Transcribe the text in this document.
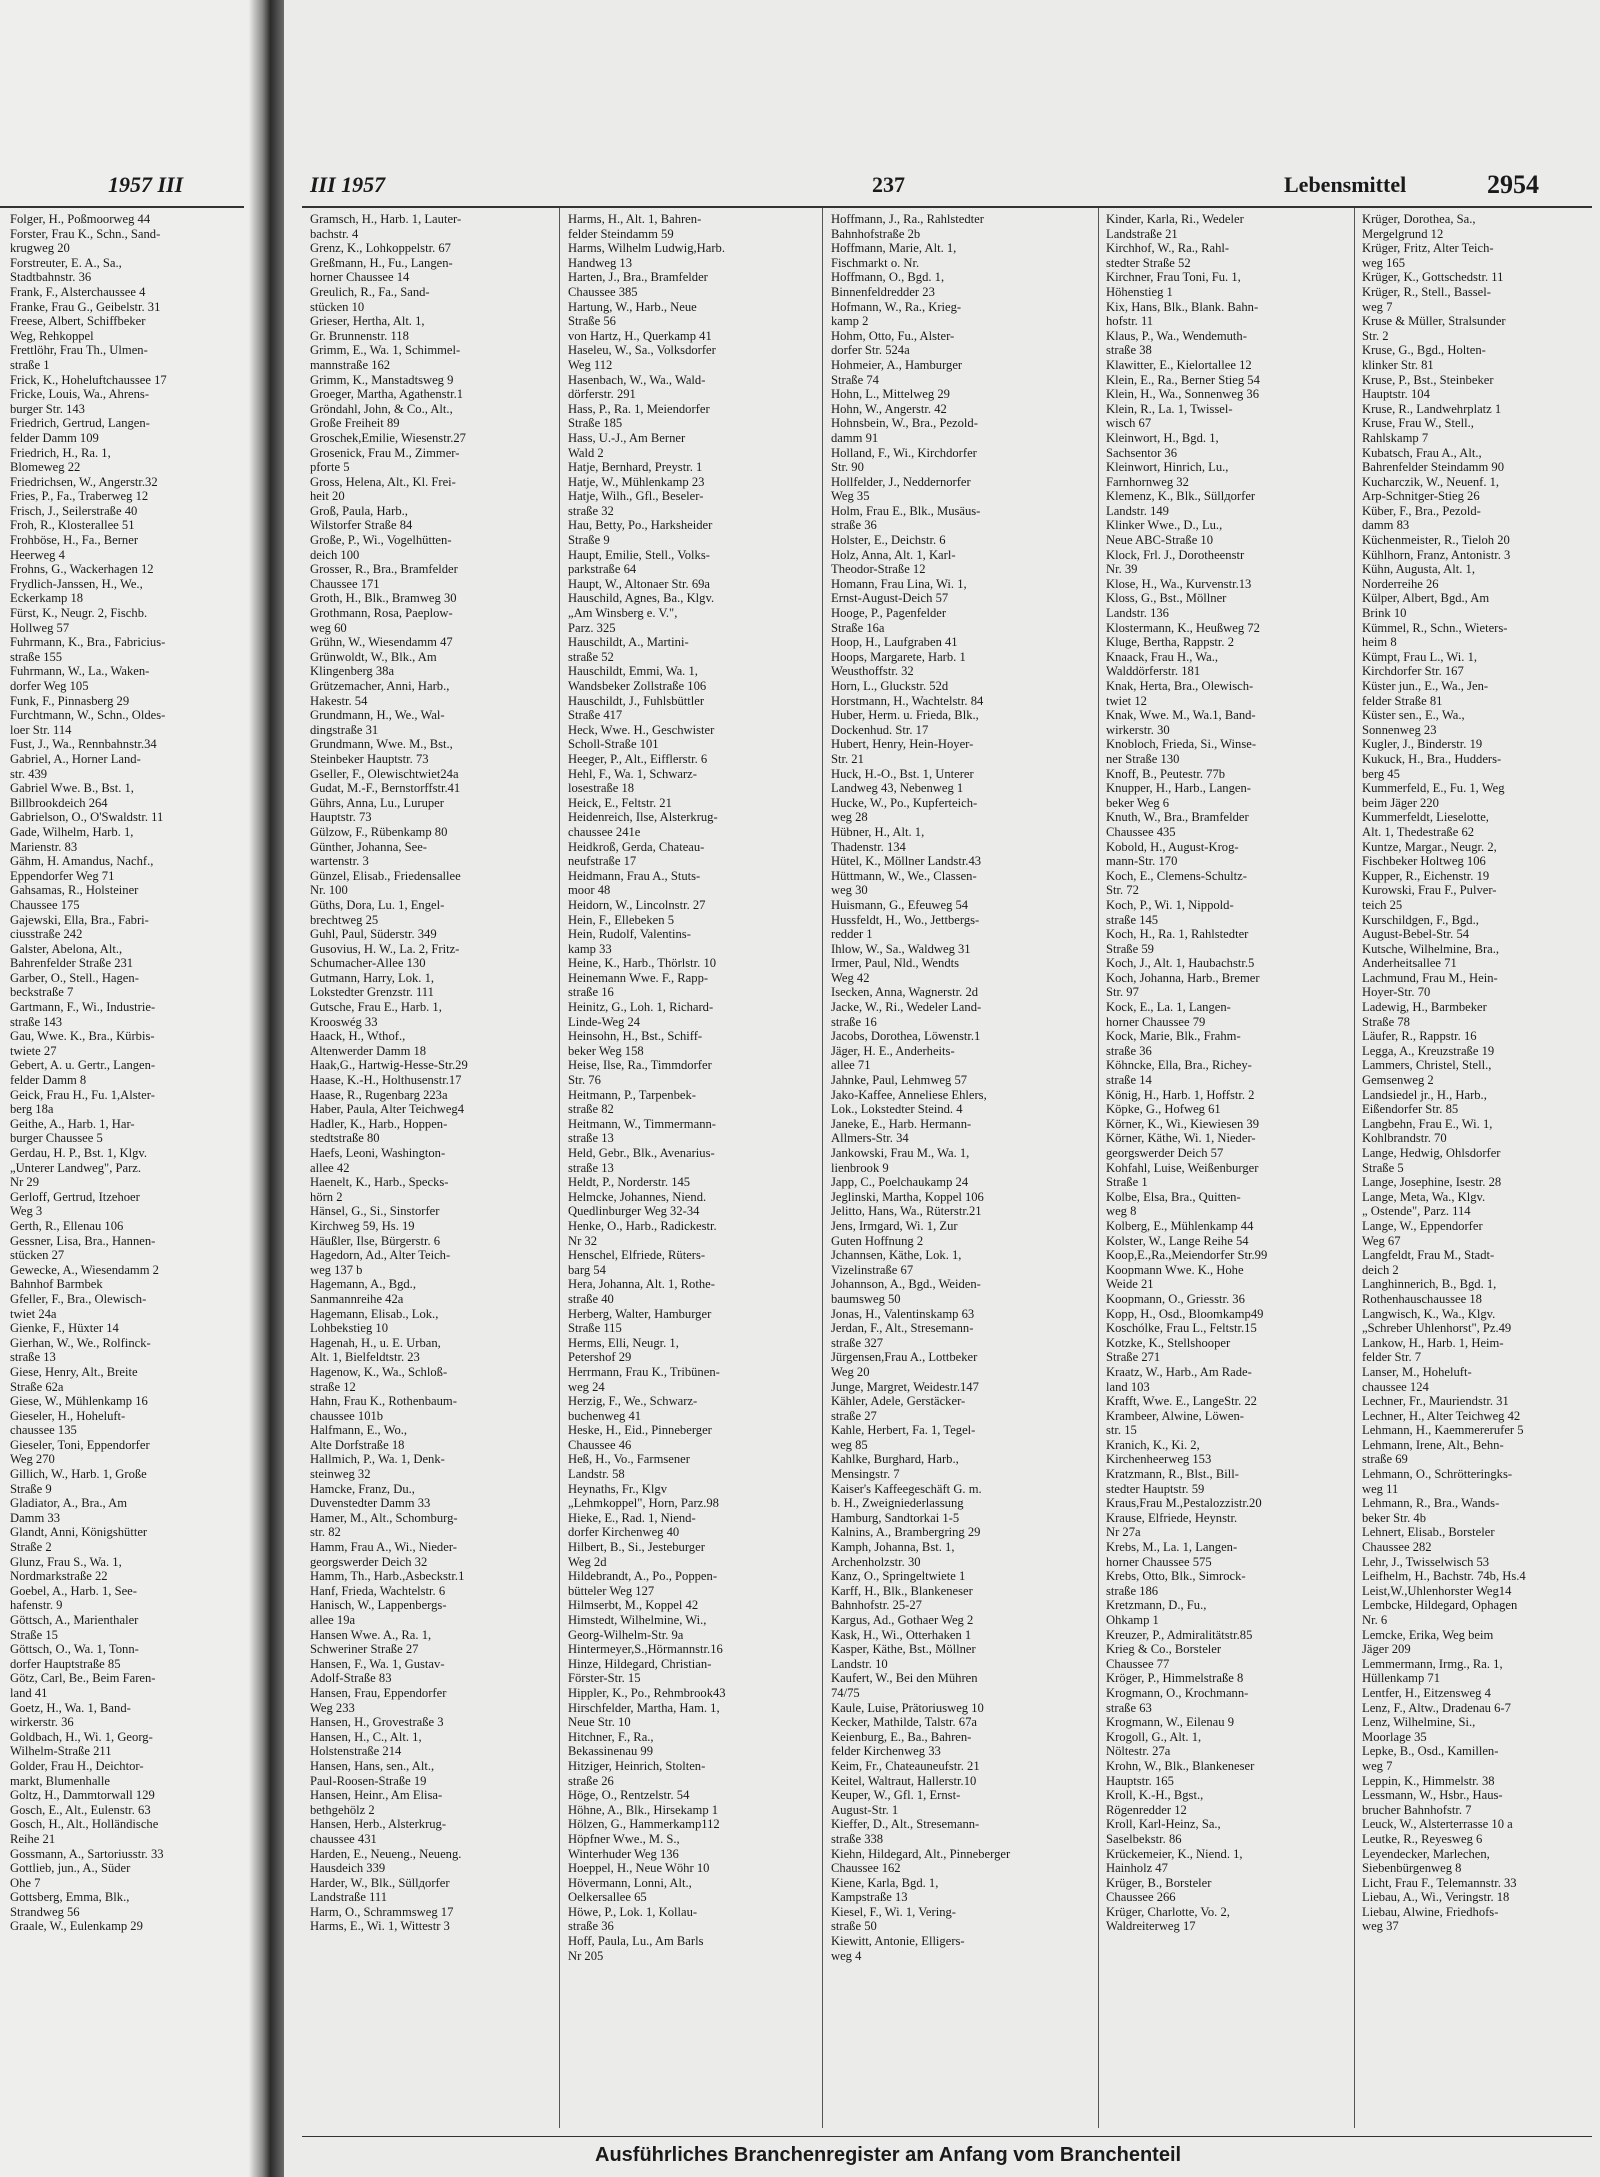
1957 III
Folger, H., Poßmoorweg 44
Forster, Frau K., Schn., Sand-
krugweg 20
Forstreuter, E. A., Sa.,
Stadtbahnstr. 36
Frank, F., Alsterchaussee 4
Franke, Frau G., Geibelstr. 31
Freese, Albert, Schiffbeker
Weg, Rehkoppel
Frettlöhr, Frau Th., Ulmen-
straße 1
Frick, K., Hoheluftchaussee 17
Fricke, Louis, Wa., Ahrens-
burger Str. 143
Friedrich, Gertrud, Langen-
felder Damm 109
Friedrich, H., Ra. 1,
Blomeweg 22
Friedrichsen, W., Angerstr.32
Fries, P., Fa., Traberweg 12
Frisch, J., Seilerstraße 40
Froh, R., Klosterallee 51
Frohböse, H., Fa., Berner
Heerweg 4
Frohns, G., Wackerhagen 12
Frydlich-Janssen, H., We.,
Eckerkamp 18
Fürst, K., Neugr. 2, Fischb.
Hollweg 57
Fuhrmann, K., Bra., Fabricius-
straße 155
Fuhrmann, W., La., Waken-
dorfer Weg 105
Funk, F., Pinnasberg 29
Furchtmann, W., Schn., Oldes-
loer Str. 114
Fust, J., Wa., Rennbahnstr.34
Gabriel, A., Horner Land-
str. 439
Gabriel Wwe. B., Bst. 1,
Billbrookdeich 264
Gabrielson, O., O'Swaldstr. 11
Gade, Wilhelm, Harb. 1,
Marienstr. 83
Gähm, H. Amandus, Nachf.,
Eppendorfer Weg 71
Gahsamas, R., Holsteiner
Chaussee 175
Gajewski, Ella, Bra., Fabri-
ciusstraße 242
Galster, Abelona, Alt.,
Bahrenfelder Straße 231
Garber, O., Stell., Hagen-
beckstraße 7
Gartmann, F., Wi., Industrie-
straße 143
Gau, Wwe. K., Bra., Kürbis-
twiete 27
Gebert, A. u. Gertr., Langen-
felder Damm 8
Geick, Frau H., Fu. 1,Alster-
berg 18a
Geithe, A., Harb. 1, Har-
burger Chaussee 5
Gerdau, H. P., Bst. 1, Klgv.
„Unterer Landweg", Parz.
Nr 29
Gerloff, Gertrud, Itzehoer
Weg 3
Gerth, R., Ellenau 106
Gessner, Lisa, Bra., Hannen-
stücken 27
Gewecke, A., Wiesendamm 2
Bahnhof Barmbek
Gfeller, F., Bra., Olewisch-
twiet 24a
Gienke, F., Hüxter 14
Gierhan, W., We., Rolfinck-
straße 13
Giese, Henry, Alt., Breite
Straße 62a
Giese, W., Mühlenkamp 16
Gieseler, H., Hoheluft-
chaussee 135
Gieseler, Toni, Eppendorfer
Weg 270
Gillich, W., Harb. 1, Große
Straße 9
Gladiator, A., Bra., Am
Damm 33
Glandt, Anni, Königshütter
Straße 2
Glunz, Frau S., Wa. 1,
Nordmarkstraße 22
Goebel, A., Harb. 1, See-
hafenstr. 9
Göttsch, A., Marienthaler
Straße 15
Göttsch, O., Wa. 1, Tonn-
dorfer Hauptstraße 85
Götz, Carl, Be., Beim Faren-
land 41
Goetz, H., Wa. 1, Band-
wirkerstr. 36
Goldbach, H., Wi. 1, Georg-
Wilhelm-Straße 211
Golder, Frau H., Deichtor-
markt, Blumenhalle
Goltz, H., Dammtorwall 129
Gosch, E., Alt., Eulenstr. 63
Gosch, H., Alt., Holländische
Reihe 21
Gossmann, A., Sartoriusstr. 33
Gottlieb, jun., A., Süder
Ohe 7
Gottsberg, Emma, Blk.,
Strandweg 56
Graale, W., Eulenkamp 29
III 1957	237	Lebensmittel	2954
Gramsch, H., Harb. 1, Lauter-
bachstr. 4
Grenz, K., Lohkoppelstr. 67
Greßmann, H., Fu., Langen-
horner Chaussee 14
Greulich, R., Fa., Sand-
stücken 10
Grieser, Hertha, Alt. 1,
Gr. Brunnenstr. 118
Grimm, E., Wa. 1, Schimmel-
mannstraße 162
Grimm, K., Manstadtsweg 9
Groeger, Martha, Agathenstr.1
Gröndahl, John, & Co., Alt.,
Große Freiheit 89
Groschek,Emilie, Wiesenstr.27
Grosenick, Frau M., Zimmer-
pforte 5
Gross, Helena, Alt., Kl. Frei-
heit 20
Groß, Paula, Harb.,
Wilstorfer Straße 84
Große, P., Wi., Vogelhütten-
deich 100
Grosser, R., Bra., Bramfelder
Chaussee 171
Groth, H., Blk., Bramweg 30
Grothmann, Rosa, Paeplow-
weg 60
Grühn, W., Wiesendamm 47
Grünwoldt, W., Blk., Am
Klingenberg 38a
Grützemacher, Anni, Harb.,
Hakestr. 54
Grundmann, H., We., Wal-
dingstraße 31
Grundmann, Wwe. M., Bst.,
Steinbeker Hauptstr. 73
Gseller, F., Olewischtwiet24a
Gudat, M.-F., Bernstorffstr.41
Gührs, Anna, Lu., Luruper
Hauptstr. 73
Gülzow, F., Rübenkamp 80
Günther, Johanna, See-
wartenstr. 3
Günzel, Elisab., Friedensallee
Nr. 100
Güths, Dora, Lu. 1, Engel-
brechtweg 25
Guhl, Paul, Süderstr. 349
Gusovius, H. W., La. 2, Fritz-
Schumacher-Allee 130
Gutmann, Harry, Lok. 1,
Lokstedter Grenzstr. 111
Gutsche, Frau E., Harb. 1,
Krooswég 33
Haack, H., Wthof.,
Altenwerder Damm 18
Haak,G., Hartwig-Hesse-Str.29
Haase, K.-H., Holthusenstr.17
Haase, R., Rugenbarg 223a
Haber, Paula, Alter Teichweg4
Hadler, K., Harb., Hoppen-
stedtstraße 80
Haefs, Leoni, Washington-
allee 42
Haenelt, K., Harb., Specks-
hörn 2
Hänsel, G., Si., Sinstorfer
Kirchweg 59, Hs. 19
Häußler, Ilse, Bürgerstr. 6
Hagedorn, Ad., Alter Teich-
weg 137 b
Hagemann, A., Bgd.,
Sanmannreihe 42a
Hagemann, Elisab., Lok.,
Lohbekstieg 10
Hagenah, H., u. E. Urban,
Alt. 1, Bielfeldtstr. 23
Hagenow, K., Wa., Schloß-
straße 12
Hahn, Frau K., Rothenbaum-
chaussee 101b
Halfmann, E., Wo.,
Alte Dorfstraße 18
Hallmich, P., Wa. 1, Denk-
steinweg 32
Hamcke, Franz, Du.,
Duvenstedter Damm 33
Hamer, M., Alt., Schomburg-
str. 82
Hamm, Frau A., Wi., Nieder-
georgswerder Deich 32
Hamm, Th., Harb.,Asbeckstr.1
Hanf, Frieda, Wachtelstr. 6
Hanisch, W., Lappenbergs-
allee 19a
Hansen Wwe. A., Ra. 1,
Schweriner Straße 27
Hansen, F., Wa. 1, Gustav-
Adolf-Straße 83
Hansen, Frau, Eppendorfer
Weg 233
Hansen, H., Grovestraße 3
Hansen, H., C., Alt. 1,
Holstenstraße 214
Hansen, Hans, sen., Alt.,
Paul-Roosen-Straße 19
Hansen, Heinr., Am Elisa-
bethgehölz 2
Hansen, Herb., Alsterkrug-
chaussee 431
Harden, E., Neueng., Neueng.
Hausdeich 339
Harder, W., Blk., Süllдorfer
Landstraße 111
Harm, O., Schrammsweg 17
Harms, E., Wi. 1, Wittestr 3
Harms, H., Alt. 1, Bahren-
felder Steindamm 59
Harms, Wilhelm Ludwig,Harb.
Handweg 13
Harten, J., Bra., Bramfelder
Chaussee 385
Hartung, W., Harb., Neue
Straße 56
von Hartz, H., Querkamp 41
Haseleu, W., Sa., Volksdorfer
Weg 112
Hasenbach, W., Wa., Wald-
dörferstr. 291
Hass, P., Ra. 1, Meiendorfer
Straße 185
Hass, U.-J., Am Berner
Wald 2
Hatje, Bernhard, Preystr. 1
Hatje, W., Mühlenkamp 23
Hatje, Wilh., Gfl., Beseler-
straße 32
Hau, Betty, Po., Harksheider
Straße 9
Haupt, Emilie, Stell., Volks-
parkstraße 64
Haupt, W., Altonaer Str. 69a
Hauschild, Agnes, Ba., Klgv.
„Am Winsberg e. V.",
Parz. 325
Hauschildt, A., Martini-
straße 52
Hauschildt, Emmi, Wa. 1,
Wandsbeker Zollstraße 106
Hauschildt, J., Fuhlsbüttler
Straße 417
Heck, Wwe. H., Geschwister
Scholl-Straße 101
Heeger, P., Alt., Eifflerstr. 6
Hehl, F., Wa. 1, Schwarz-
losestraße 18
Heick, E., Feltstr. 21
Heidenreich, Ilse, Alsterkrug-
chaussee 241e
Heidkroß, Gerda, Chateau-
neufstraße 17
Heidmann, Frau A., Stuts-
moor 48
Heidorn, W., Lincolnstr. 27
Hein, F., Ellebeken 5
Hein, Rudolf, Valentins-
kamp 33
Heine, K., Harb., Thörlstr. 10
Heinemann Wwe. F., Rapp-
straße 16
Heinitz, G., Loh. 1, Richard-
Linde-Weg 24
Heinsohn, H., Bst., Schiff-
beker Weg 158
Heise, Ilse, Ra., Timmdorfer
Str. 76
Heitmann, P., Tarpenbek-
straße 82
Heitmann, W., Timmermann-
straße 13
Held, Gebr., Blk., Avenarius-
straße 13
Heldt, P., Norderstr. 145
Helmcke, Johannes, Niend.
Quedlinburger Weg 32-34
Henke, O., Harb., Radickestr.
Nr 32
Henschel, Elfriede, Rüters-
barg 54
Hera, Johanna, Alt. 1, Rothe-
straße 40
Herberg, Walter, Hamburger
Straße 115
Herms, Elli, Neugr. 1,
Petershof 29
Herrmann, Frau K., Tribünen-
weg 24
Herzig, F., We., Schwarz-
buchenweg 41
Heske, H., Eid., Pinneberger
Chaussee 46
Heß, H., Vo., Farmsener
Landstr. 58
Heynaths, Fr., Klgv
„Lehmkoppel", Horn, Parz.98
Hieke, E., Rad. 1, Niend-
dorfer Kirchenweg 40
Hilbert, B., Si., Jesteburger
Weg 2d
Hildebrandt, A., Po., Poppen-
bütteler Weg 127
Hilmserbt, M., Koppel 42
Himstedt, Wilhelmine, Wi.,
Georg-Wilhelm-Str. 9a
Hintermeyer,S.,Hörmannstr.16
Hinze, Hildegard, Christian-
Förster-Str. 15
Hippler, K., Po., Rehmbrook43
Hirschfelder, Martha, Ham. 1,
Neue Str. 10
Hitchner, F., Ra.,
Bekassinenau 99
Hitziger, Heinrich, Stolten-
straße 26
Höge, O., Rentzelstr. 54
Höhne, A., Blk., Hirsekamp 1
Hölzen, G., Hammerkamp112
Höpfner Wwe., M. S.,
Winterhuder Weg 136
Hoeppel, H., Neue Wöhr 10
Hövermann, Lonni, Alt.,
Oelkersallee 65
Höwe, P., Lok. 1, Kollau-
straße 36
Hoff, Paula, Lu., Am Barls
Nr 205
Hoffmann, J., Ra., Rahlstedter
Bahnhofstraße 2b
Hoffmann, Marie, Alt. 1,
Fischmarkt o. Nr.
Hoffmann, O., Bgd. 1,
Binnenfeldredder 23
Hofmann, W., Ra., Krieg-
kamp 2
Hohm, Otto, Fu., Alster-
dorfer Str. 524a
Hohmeier, A., Hamburger
Straße 74
Hohn, L., Mittelweg 29
Hohn, W., Angerstr. 42
Hohnsbein, W., Bra., Pezold-
damm 91
Holland, F., Wi., Kirchdorfer
Str. 90
Hollfelder, J., Neddernorfer
Weg 35
Holm, Frau E., Blk., Musäus-
straße 36
Holster, E., Deichstr. 6
Holz, Anna, Alt. 1, Karl-
Theodor-Straße 12
Homann, Frau Lina, Wi. 1,
Ernst-August-Deich 57
Hooge, P., Pagenfelder
Straße 16a
Hoop, H., Laufgraben 41
Hoops, Margarete, Harb. 1
Weusthoffstr. 32
Horn, L., Gluckstr. 52d
Horstmann, H., Wachtelstr. 84
Huber, Herm. u. Frieda, Blk.,
Dockenhud. Str. 17
Hubert, Henry, Hein-Hoyer-
Str. 21
Huck, H.-O., Bst. 1, Unterer
Landweg 43, Nebenweg 1
Hucke, W., Po., Kupferteich-
weg 28
Hübner, H., Alt. 1,
Thadenstr. 134
Hütel, K., Möllner Landstr.43
Hüttmann, W., We., Classen-
weg 30
Huismann, G., Efeuweg 54
Hussfeldt, H., Wo., Jettbergs-
redder 1
Ihlow, W., Sa., Waldweg 31
Irmer, Paul, Nld., Wendts
Weg 42
Isecken, Anna, Wagnerstr. 2d
Jacke, W., Ri., Wedeler Land-
straße 16
Jacobs, Dorothea, Löwenstr.1
Jäger, H. E., Anderheits-
allee 71
Jahnke, Paul, Lehmweg 57
Jako-Kaffee, Anneliese Ehlers,
Lok., Lokstedter Steind. 4
Janeke, E., Harb. Hermann-
Allmers-Str. 34
Jankowski, Frau M., Wa. 1,
lienbrook 9
Japp, C., Poelchaukamp 24
Jeglinski, Martha, Koppel 106
Jelitto, Hans, Wa., Rüterstr.21
Jens, Irmgard, Wi. 1, Zur
Guten Hoffnung 2
Jchannsen, Käthe, Lok. 1,
Vizelinstraße 67
Johannson, A., Bgd., Weiden-
baumsweg 50
Jonas, H., Valentinskamp 63
Jerdan, F., Alt., Stresemann-
straße 327
Jürgensen,Frau A., Lottbeker
Weg 20
Junge, Margret, Weidestr.147
Kähler, Adele, Gerstäcker-
straße 27
Kahle, Herbert, Fa. 1, Tegel-
weg 85
Kahlke, Burghard, Harb.,
Mensingstr. 7
Kaiser's Kaffeegeschäft G. m.
b. H., Zweigniederlassung
Hamburg, Sandtorkai 1-5
Kalnins, A., Brambergring 29
Kamph, Johanna, Bst. 1,
Archenholzstr. 30
Kanz, O., Springeltwiete 1
Karff, H., Blk., Blankeneser
Bahnhofstr. 25-27
Kargus, Ad., Gothaer Weg 2
Kask, H., Wi., Otterhaken 1
Kasper, Käthe, Bst., Möllner
Landstr. 10
Kaufert, W., Bei den Mühren
74/75
Kaule, Luise, Prätoriusweg 10
Kecker, Mathilde, Talstr. 67a
Keienburg, E., Ba., Bahren-
felder Kirchenweg 33
Keim, Fr., Chateauneufstr. 21
Keitel, Waltraut, Hallerstr.10
Keuper, W., Gfl. 1, Ernst-
August-Str. 1
Kieffer, D., Alt., Stresemann-
straße 338
Kiehn, Hildegard, Alt., Pinneberger
Chaussee 162
Kiene, Karla, Bgd. 1,
Kampstraße 13
Kiesel, F., Wi. 1, Vering-
straße 50
Kiewitt, Antonie, Elligers-
weg 4
Kinder, Karla, Ri., Wedeler
Landstraße 21
Kirchhof, W., Ra., Rahl-
stedter Straße 52
Kirchner, Frau Toni, Fu. 1,
Höhenstieg 1
Kix, Hans, Blk., Blank. Bahn-
hofstr. 11
Klaus, P., Wa., Wendemuth-
straße 38
Klawitter, E., Kielortallee 12
Klein, E., Ra., Berner Stieg 54
Klein, H., Wa., Sonnenweg 36
Klein, R., La. 1, Twissel-
wisch 67
Kleinwort, H., Bgd. 1,
Sachsentor 36
Kleinwort, Hinrich, Lu.,
Farnhornweg 32
Klemenz, K., Blk., Süllдorfer
Landstr. 149
Klinker Wwe., D., Lu.,
Neue ABC-Straße 10
Klock, Frl. J., Dorotheenstr
Nr. 39
Klose, H., Wa., Kurvenstr.13
Kloss, G., Bst., Möllner
Landstr. 136
Klostermann, K., Heußweg 72
Kluge, Bertha, Rappstr. 2
Knaack, Frau H., Wa.,
Walddörferstr. 181
Knak, Herta, Bra., Olewisch-
twiet 12
Knak, Wwe. M., Wa.1, Band-
wirkerstr. 30
Knobloch, Frieda, Si., Winse-
ner Straße 130
Knoff, B., Peutestr. 77b
Knupper, H., Harb., Langen-
beker Weg 6
Knuth, W., Bra., Bramfelder
Chaussee 435
Kobold, H., August-Krog-
mann-Str. 170
Koch, E., Clemens-Schultz-
Str. 72
Koch, P., Wi. 1, Nippold-
straße 145
Koch, H., Ra. 1, Rahlstedter
Straße 59
Koch, J., Alt. 1, Haubachstr.5
Koch, Johanna, Harb., Bremer
Str. 97
Kock, E., La. 1, Langen-
horner Chaussee 79
Kock, Marie, Blk., Frahm-
straße 36
Köhncke, Ella, Bra., Richey-
straße 14
König, H., Harb. 1, Hoffstr. 2
Köpke, G., Hofweg 61
Körner, K., Wi., Kiewiesen 39
Körner, Käthe, Wi. 1, Nieder-
georgswerder Deich 57
Kohfahl, Luise, Weißenburger
Straße 1
Kolbe, Elsa, Bra., Quitten-
weg 8
Kolberg, E., Mühlenkamp 44
Kolster, W., Lange Reihe 54
Koop,E.,Ra.,Meiendorfer Str.99
Koopmann Wwe. K., Hohe
Weide 21
Koopmann, O., Griesstr. 36
Kopp, H., Osd., Bloomkamp49
Koschólke, Frau L., Feltstr.15
Kotzke, K., Stellshooper
Straße 271
Kraatz, W., Harb., Am Rade-
land 103
Krafft, Wwe. E., LangeStr. 22
Krambeer, Alwine, Löwen-
str. 15
Kranich, K., Ki. 2,
Kirchenheerweg 153
Kratzmann, R., Blst., Bill-
stedter Hauptstr. 59
Kraus,Frau M.,Pestalozzistr.20
Krause, Elfriede, Heynstr.
Nr 27a
Krebs, M., La. 1, Langen-
horner Chaussee 575
Krebs, Otto, Blk., Simrock-
straße 186
Kretzmann, D., Fu.,
Ohkamp 1
Kreuzer, P., Admiralitätstr.85
Krieg & Co., Borsteler
Chaussee 77
Kröger, P., Himmelstraße 8
Krogmann, O., Krochmann-
straße 63
Krogmann, W., Eilenau 9
Krogoll, G., Alt. 1,
Nöltestr. 27a
Krohn, W., Blk., Blankeneser
Hauptstr. 165
Kroll, K.-H., Bgst.,
Rögenredder 12
Kroll, Karl-Heinz, Sa.,
Saselbekstr. 86
Krückemeier, K., Niend. 1,
Hainholz 47
Krüger, B., Borsteler
Chaussee 266
Krüger, Charlotte, Vo. 2,
Waldreiterweg 17
Krüger, Dorothea, Sa.,
Mergelgrund 12
Krüger, Fritz, Alter Teich-
weg 165
Krüger, K., Gottschedstr. 11
Krüger, R., Stell., Bassel-
weg 7
Kruse & Müller, Stralsunder
Str. 2
Kruse, G., Bgd., Holten-
klinker Str. 81
Kruse, P., Bst., Steinbeker
Hauptstr. 104
Kruse, R., Landwehrplatz 1
Kruse, Frau W., Stell.,
Rahlskamp 7
Kubatsch, Frau A., Alt.,
Bahrenfelder Steindamm 90
Kucharczik, W., Neuenf. 1,
Arp-Schnitger-Stieg 26
Küber, F., Bra., Pezold-
damm 83
Küchenmeister, R., Tieloh 20
Kühlhorn, Franz, Antonistr. 3
Kühn, Augusta, Alt. 1,
Norderreihe 26
Külper, Albert, Bgd., Am
Brink 10
Kümmel, R., Schn., Wieters-
heim 8
Kümpt, Frau L., Wi. 1,
Kirchdorfer Str. 167
Küster jun., E., Wa., Jen-
felder Straße 81
Küster sen., E., Wa.,
Sonnenweg 23
Kugler, J., Binderstr. 19
Kukuck, H., Bra., Hudders-
berg 45
Kummerfeld, E., Fu. 1, Weg
beim Jäger 220
Kummerfeldt, Lieselotte,
Alt. 1, Thedestraße 62
Kuntze, Margar., Neugr. 2,
Fischbeker Holtweg 106
Kupper, R., Eichenstr. 19
Kurowski, Frau F., Pulver-
teich 25
Kurschildgen, F., Bgd.,
August-Bebel-Str. 54
Kutsche, Wilhelmine, Bra.,
Anderheitsallee 71
Lachmund, Frau M., Hein-
Hoyer-Str. 70
Ladewig, H., Barmbeker
Straße 78
Läufer, R., Rappstr. 16
Legga, A., Kreuzstraße 19
Lammers, Christel, Stell.,
Gemsenweg 2
Landsiedel jr., H., Harb.,
Eißendorfer Str. 85
Langbehn, Frau E., Wi. 1,
Kohlbrandstr. 70
Lange, Hedwig, Ohlsdorfer
Straße 5
Lange, Josephine, Isestr. 28
Lange, Meta, Wa., Klgv.
„ Ostende", Parz. 114
Lange, W., Eppendorfer
Weg 67
Langfeldt, Frau M., Stadt-
deich 2
Langhinnerich, B., Bgd. 1,
Rothenhauschaussee 18
Langwisch, K., Wa., Klgv.
„Schreber Uhlenhorst", Pz.49
Lankow, H., Harb. 1, Heim-
felder Str. 7
Lanser, M., Hoheluft-
chaussee 124
Lechner, Fr., Mauriendstr. 31
Lechner, H., Alter Teichweg 42
Lehmann, H., Kaemmererufer 5
Lehmann, Irene, Alt., Behn-
straße 69
Lehmann, O., Schrötteringks-
weg 11
Lehmann, R., Bra., Wands-
beker Str. 4b
Lehnert, Elisab., Borsteler
Chaussee 282
Lehr, J., Twisselwisch 53
Leifhelm, H., Bachstr. 74b, Hs.4
Leist,W.,Uhlenhorster Weg14
Lembcke, Hildegard, Ophagen
Nr. 6
Lemcke, Erika, Weg beim
Jäger 209
Lemmermann, Irmg., Ra. 1,
Hüllenkamp 71
Lentfer, H., Eitzensweg 4
Lenz, F., Altw., Dradenau 6-7
Lenz, Wilhelmine, Si.,
Moorlage 35
Lepke, B., Osd., Kamillen-
weg 7
Leppin, K., Himmelstr. 38
Lessmann, W., Hsbr., Haus-
brucher Bahnhofstr. 7
Leuck, W., Alsterterrasse 10 a
Leutke, R., Reyesweg 6
Leyendecker, Marlechen,
Siebenbürgenweg 8
Licht, Frau F., Telemannstr. 33
Liebau, A., Wi., Veringstr. 18
Liebau, Alwine, Friedhofs-
weg 37
Ausführliches Branchenregister am Anfang vom Branchenteil
